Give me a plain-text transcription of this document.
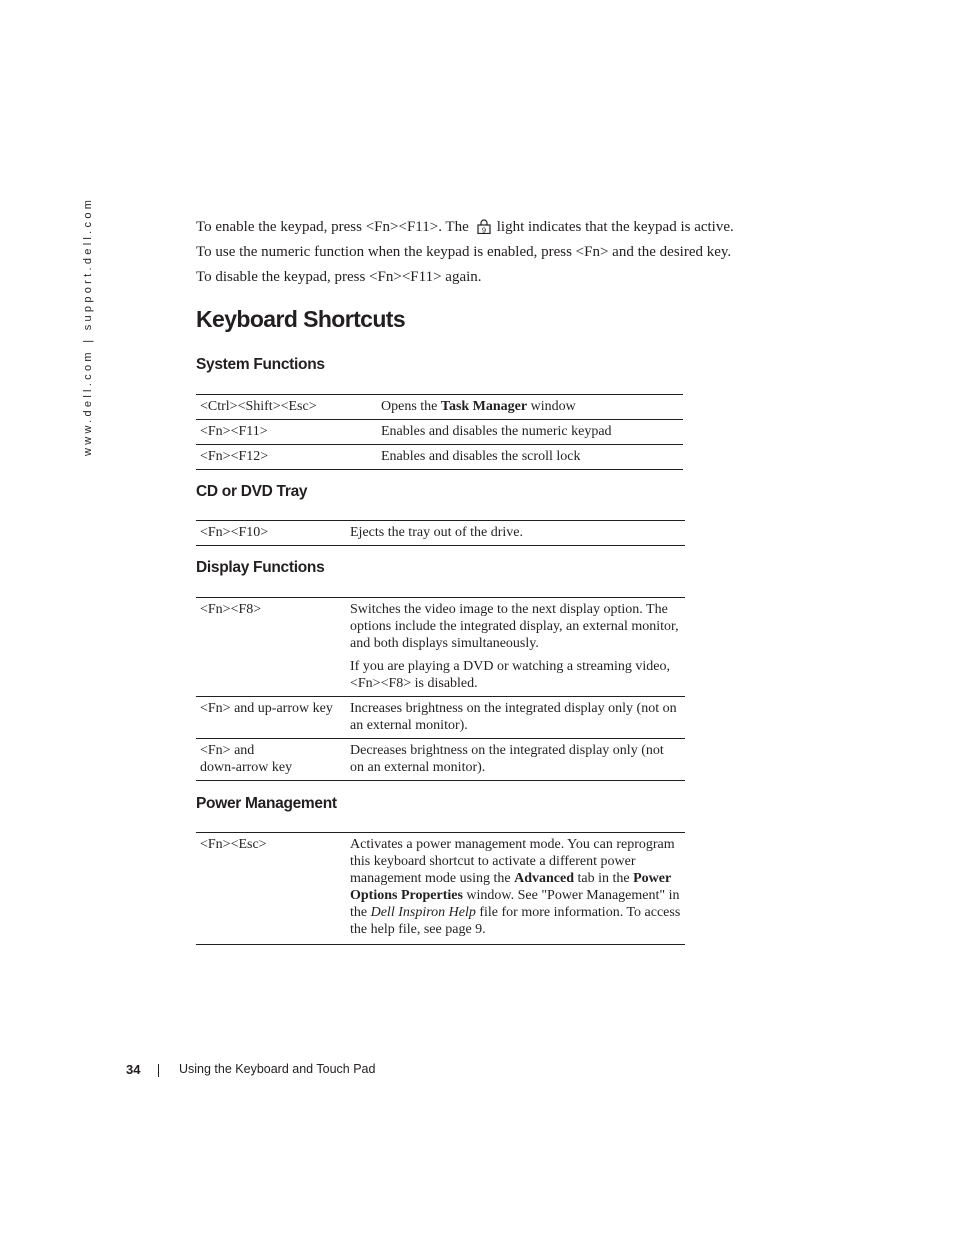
www.dell.com | support.dell.com	To enable the keypad, press <Fn><F11>. The 9 light indicates that the keypad is active.
To use the numeric function when the keypad is enabled, press <Fn> and the desired key.
To disable the keypad, press <Fn><F11> again.
Keyboard Shortcuts
System Functions
<Ctrl><Shift><Esc>	Opens the Task Manager window
<Fn><F11>	Enables and disables the numeric keypad
<Fn><F12>	Enables and disables the scroll lock
CD or DVD Tray
<Fn><F10>	Ejects the tray out of the drive.
Display Functions
<Fn><F8>	Switches the video image to the next display option. The options include the integrated display, an external monitor, and both displays simultaneously.

If you are playing a DVD or watching a streaming video, <Fn><F8> is disabled.

<Fn> and up-arrow key	Increases brightness on the integrated display only (not on an external monitor).

<Fn> and
down-arrow key	Decreases brightness on the integrated display only (not on an external monitor).
Power Management
<Fn><Esc>	Activates a power management mode. You can reprogram this keyboard shortcut to activate a different power management mode using the Advanced tab in the Power Options Properties window. See "Power Management" in the Dell Inspiron Help file for more information. To access the help file, see page 9.
34	Using the Keyboard and Touch Pad
